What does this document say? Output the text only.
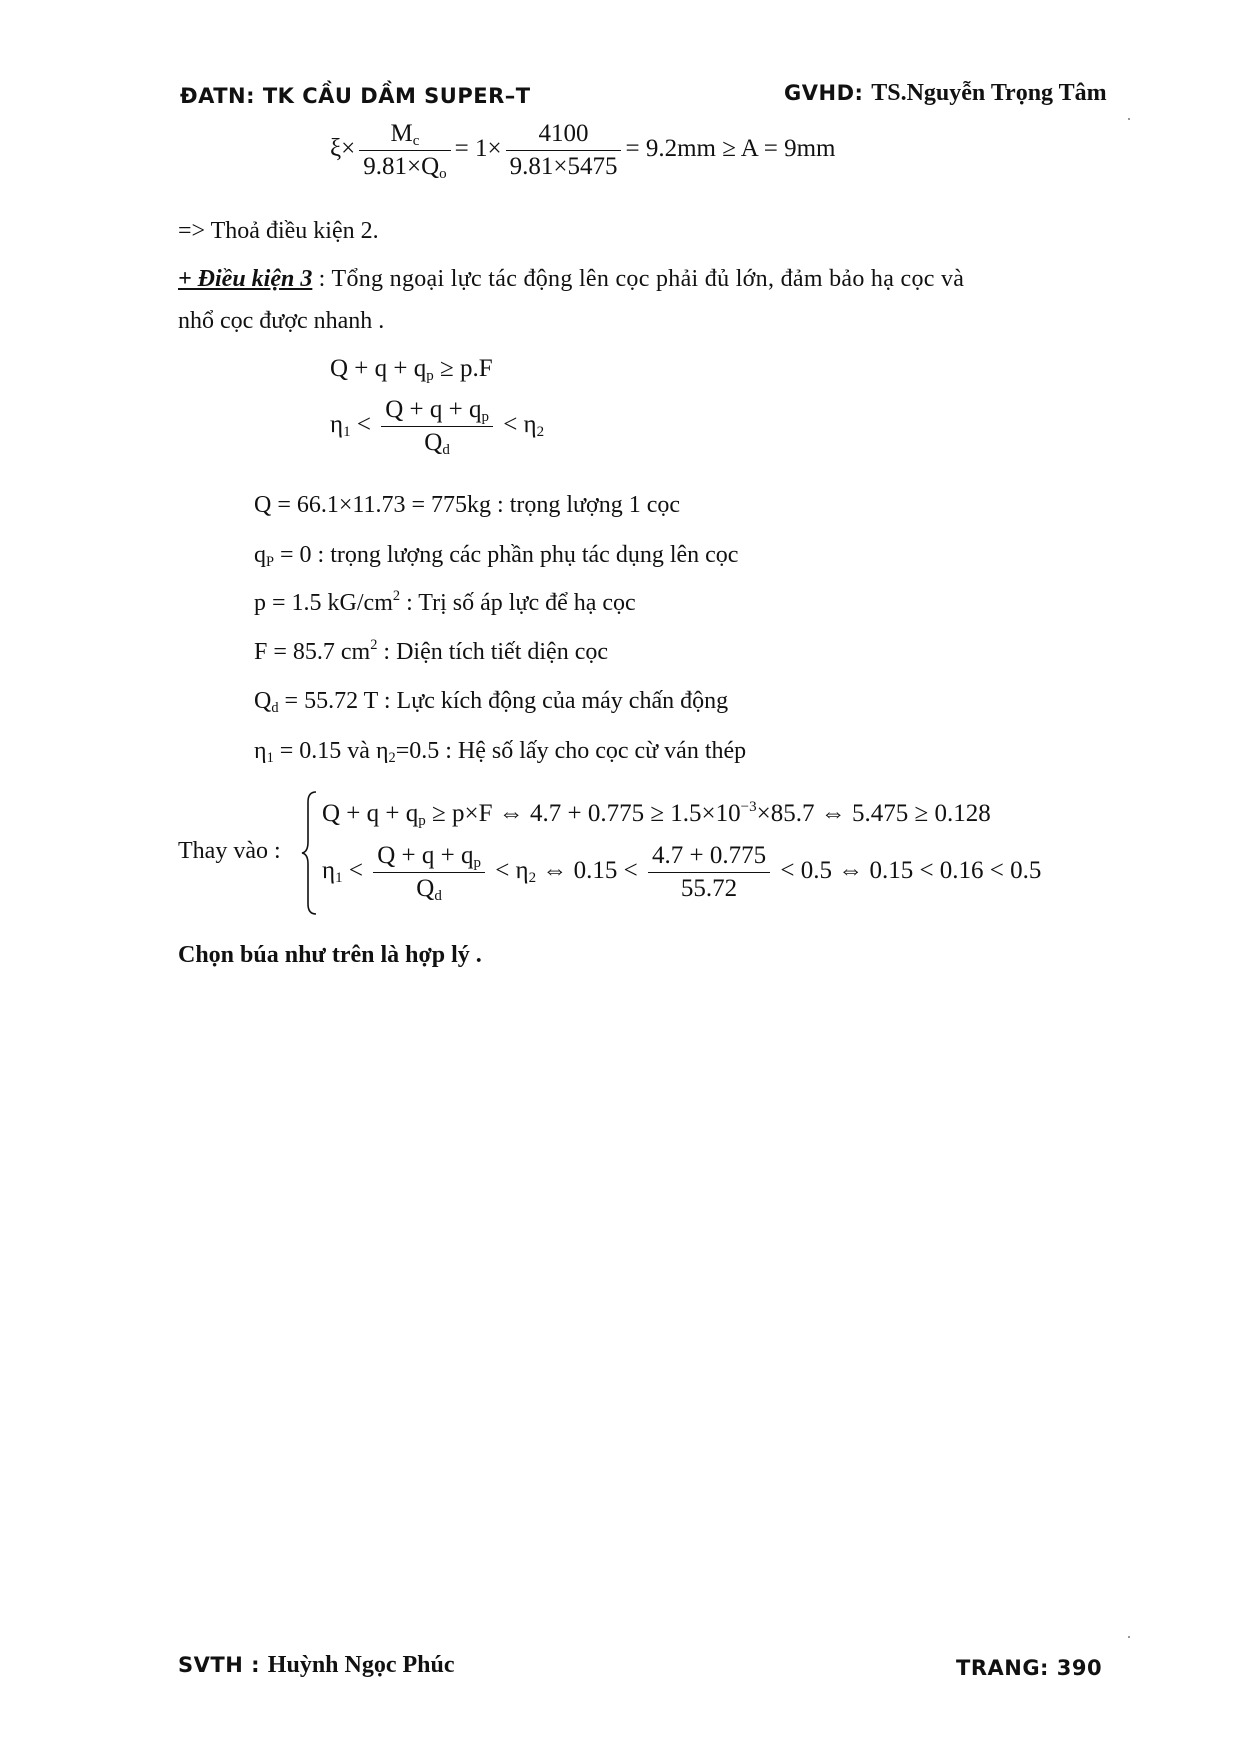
ĐATN: TK CẦU DẦM SUPER–T	GVHD: TS.Nguyễn Trọng Tâm
$\xi\times \frac{M_c}{9.81\times Q_o} = 1\times \frac{4100}{9.81\times 5475} = 9.2mm \ge A = 9mm$
=> Thoả điều kiện 2.
+ Điều kiện 3 : Tổng ngoại lực tác động lên cọc phải đủ lớn, đảm bảo hạ cọc và
nhổ cọc được nhanh .
$Q + q + q_p \ge p.F$
$\eta_1 < \frac{Q + q + q_p}{Q_d} < \eta_2$
Q = 66.1×11.73 = 775kg : trọng lượng 1 cọc
$q_P = 0$ : trọng lượng các phần phụ tác dụng lên cọc
p = 1.5 $kG/cm^2$ : Trị số áp lực để hạ cọc
F = 85.7 $cm^2$ : Diện tích tiết diện cọc
$Q_d = 55.72$ T : Lực kích động của máy chấn động
$\eta_1 = 0.15$ và $\eta_2=0.5$ : Hệ số lấy cho cọc cừ ván thép
Thay vào :
$Q + q + q_p \ge p\times F$ ⇔ $4.7 + 0.775 \ge 1.5\times 10^{-3}\times 85.7$ ⇔ 5.475 ≥ 0.128
$\eta_1 < \frac{Q + q + q_p}{Q_d} < \eta_2$ ⇔ $0.15 < \frac{4.7 + 0.775}{55.72} < 0.5$ ⇔ 0.15 < 0.16 < 0.5
Chọn búa như trên là hợp lý .
SVTH : Huỳnh Ngọc Phúc	TRANG: 390
